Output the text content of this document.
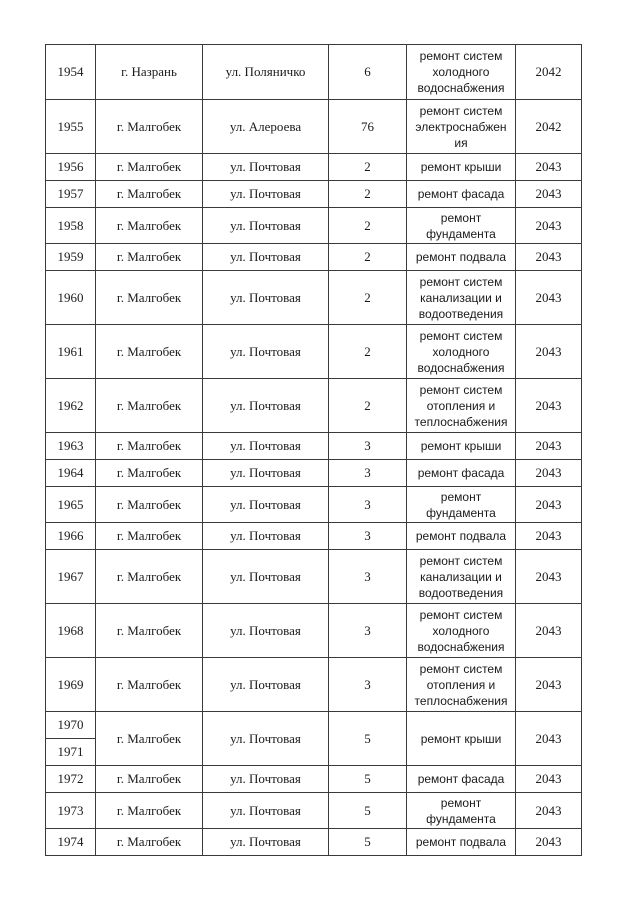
1954	г. Назрань	ул. Поляничко	6	ремонт систем
холодного
водоснабжения	2042
1955	г. Малгобек	ул. Алероева	76	ремонт систем
электроснабжен
ия	2042
1956	г. Малгобек	ул. Почтовая	2	ремонт крыши	2043
1957	г. Малгобек	ул. Почтовая	2	ремонт фасада	2043
1958	г. Малгобек	ул. Почтовая	2	ремонт
фундамента	2043
1959	г. Малгобек	ул. Почтовая	2	ремонт подвала	2043
1960	г. Малгобек	ул. Почтовая	2	ремонт систем
канализации и
водоотведения	2043
1961	г. Малгобек	ул. Почтовая	2	ремонт систем
холодного
водоснабжения	2043
1962	г. Малгобек	ул. Почтовая	2	ремонт систем
отопления и
теплоснабжения	2043
1963	г. Малгобек	ул. Почтовая	3	ремонт крыши	2043
1964	г. Малгобек	ул. Почтовая	3	ремонт фасада	2043
1965	г. Малгобек	ул. Почтовая	3	ремонт
фундамента	2043
1966	г. Малгобек	ул. Почтовая	3	ремонт подвала	2043
1967	г. Малгобек	ул. Почтовая	3	ремонт систем
канализации и
водоотведения	2043
1968	г. Малгобек	ул. Почтовая	3	ремонт систем
холодного
водоснабжения	2043
1969	г. Малгобек	ул. Почтовая	3	ремонт систем
отопления и
теплоснабжения	2043
1970	г. Малгобек	ул. Почтовая	5	ремонт крыши	2043
1971					
1972	г. Малгобек	ул. Почтовая	5	ремонт фасада	2043
1973	г. Малгобек	ул. Почтовая	5	ремонт
фундамента	2043
1974	г. Малгобек	ул. Почтовая	5	ремонт подвала	2043
